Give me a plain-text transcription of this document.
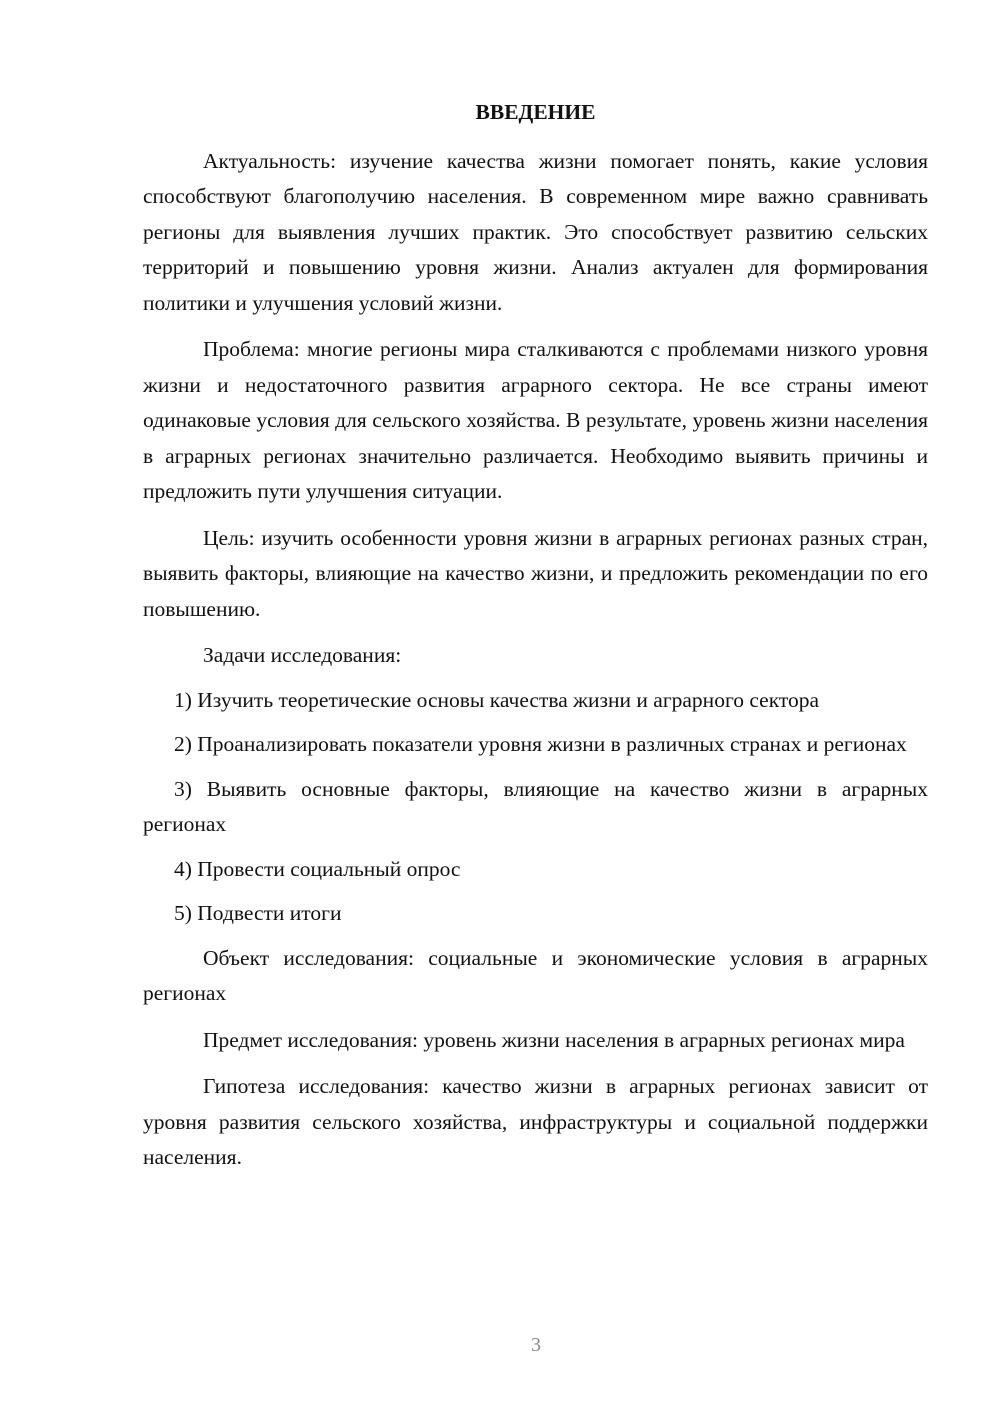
ВВЕДЕНИЕ

Актуальность: изучение качества жизни помогает понять, какие условия способствуют благополучию населения. В современном мире важно сравнивать регионы для выявления лучших практик. Это способствует развитию сельских территорий и повышению уровня жизни. Анализ актуален для формирования политики и улучшения условий жизни.

Проблема: многие регионы мира сталкиваются с проблемами низкого уровня жизни и недостаточного развития аграрного сектора. Не все страны имеют одинаковые условия для сельского хозяйства. В результате, уровень жизни населения в аграрных регионах значительно различается. Необходимо выявить причины и предложить пути улучшения ситуации.

Цель: изучить особенности уровня жизни в аграрных регионах разных стран, выявить факторы, влияющие на качество жизни, и предложить рекомендации по его повышению.

Задачи исследования:

1) Изучить теоретические основы качества жизни и аграрного сектора

2) Проанализировать показатели уровня жизни в различных странах и регионах

3) Выявить основные факторы, влияющие на качество жизни в аграрных регионах

4) Провести социальный опрос

5) Подвести итоги

Объект исследования: социальные и экономические условия в аграрных регионах

Предмет исследования: уровень жизни населения в аграрных регионах мира

Гипотеза исследования: качество жизни в аграрных регионах зависит от уровня развития сельского хозяйства, инфраструктуры и социальной поддержки населения.

3
